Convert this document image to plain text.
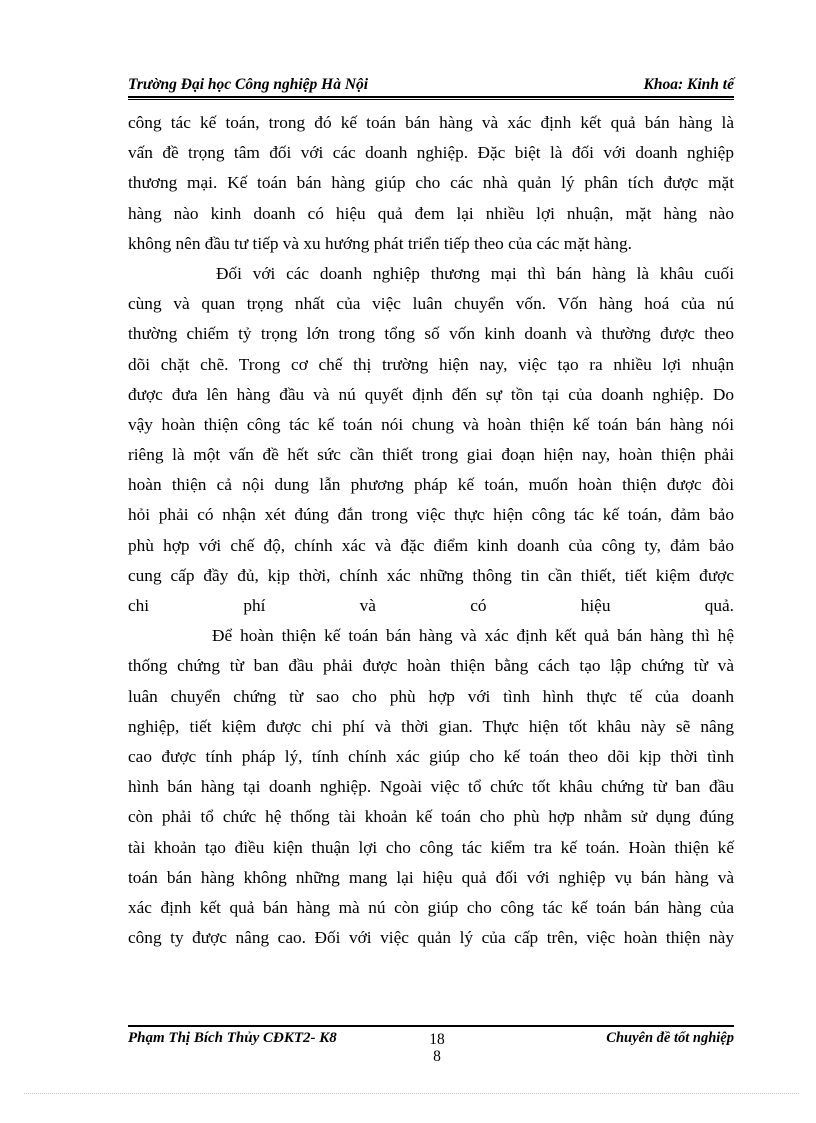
Trường Đại học Công nghiệp Hà Nội	Khoa: Kinh tế
công tác kế toán, trong đó kế toán bán hàng và xác định kết quả bán hàng là
vấn đề trọng tâm đối với các doanh nghiệp. Đặc biệt là đối với doanh nghiệp
thương mại. Kế toán bán hàng giúp cho các nhà quản lý phân tích được mặt
hàng nào kinh doanh có hiệu quả đem lại nhiều lợi nhuận, mặt hàng nào
không nên đầu tư tiếp và xu hướng phát triển tiếp theo của các mặt hàng.
Đối với các doanh nghiệp thương mại thì bán hàng là khâu cuối
cùng và quan trọng nhất của việc luân chuyển vốn. Vốn hàng hoá của nú
thường chiếm tỷ trọng lớn trong tổng số vốn kinh doanh và thường được theo
dõi chặt chẽ. Trong cơ chế thị trường hiện nay, việc tạo ra nhiều lợi nhuận
được đưa lên hàng đầu và nú quyết định đến sự tồn tại của doanh nghiệp. Do
vậy hoàn thiện công tác kế toán nói chung và hoàn thiện kế toán bán hàng nói
riêng là một vấn đề hết sức cần thiết trong giai đoạn hiện nay, hoàn thiện phải
hoàn thiện cả nội dung lẫn phương pháp kế toán, muốn hoàn thiện được đòi
hỏi phải có nhận xét đúng đắn trong việc thực hiện công tác kế toán, đảm bảo
phù hợp với chế độ, chính xác và đặc điểm kinh doanh của công ty, đảm bảo
cung cấp đầy đủ, kịp thời, chính xác những thông tin cần thiết, tiết kiệm được
chi phí và có hiệu quả.
Để hoàn thiện kế toán bán hàng và xác định kết quả bán hàng thì hệ
thống chứng từ ban đầu phải được hoàn thiện bằng cách tạo lập chứng từ và
luân chuyển chứng từ sao cho phù hợp với tình hình thực tế của doanh
nghiệp, tiết kiệm được chi phí và thời gian. Thực hiện tốt khâu này sẽ nâng
cao được tính pháp lý, tính chính xác giúp cho kế toán theo dõi kịp thời tình
hình bán hàng tại doanh nghiệp. Ngoài việc tổ chức tốt khâu chứng từ ban đầu
còn phải tổ chức hệ thống tài khoản kế toán cho phù hợp nhằm sử dụng đúng
tài khoản tạo điều kiện thuận lợi cho công tác kiểm tra kế toán. Hoàn thiện kế
toán bán hàng không những mang lại hiệu quả đối với nghiệp vụ bán hàng và
xác định kết quả bán hàng mà nú còn giúp cho công tác kế toán bán hàng của
công ty được nâng cao. Đối với việc quản lý của cấp trên, việc hoàn thiện này
Phạm Thị Bích Thủy CĐKT2- K8	18
8
Chuyên đề tốt nghiệp
